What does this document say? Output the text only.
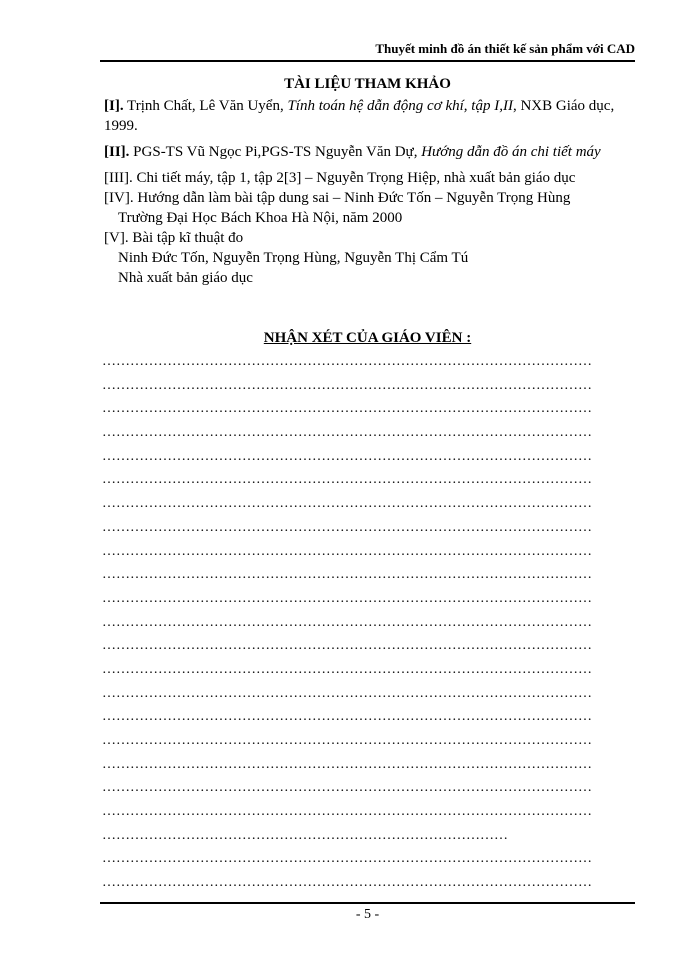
Thuyết minh đồ án thiết kế sản phẩm với CAD
TÀI LIỆU THAM KHẢO

[I]. Trịnh Chất, Lê Văn Uyển, Tính toán hệ dẫn động cơ khí, tập I,II, NXB Giáo dục, 1999.

[II]. PGS-TS Vũ Ngọc Pi,PGS-TS Nguyễn Văn Dự, Hướng dẫn đồ án chi tiết máy

[III]. Chi tiết máy, tập 1, tập 2[3] – Nguyễn Trọng Hiệp, nhà xuất bản giáo dục

[IV]. Hướng dẫn làm bài tập dung sai – Ninh Đức Tốn – Nguyễn Trọng Hùng

Trường Đại Học Bách Khoa Hà Nội, năm 2000

[V]. Bài tập kĩ thuật đo

Ninh Đức Tốn, Nguyễn Trọng Hùng, Nguyễn Thị Cẩm Tú

Nhà xuất bản giáo dục

NHẬN XÉT CỦA GIÁO VIÊN :
……………………………………………………………………………………………
……………………………………………………………………………………………
……………………………………………………………………………………………
……………………………………………………………………………………………
……………………………………………………………………………………………
……………………………………………………………………………………………
……………………………………………………………………………………………
……………………………………………………………………………………………
……………………………………………………………………………………………
……………………………………………………………………………………………
……………………………………………………………………………………………
……………………………………………………………………………………………
……………………………………………………………………………………………
……………………………………………………………………………………………
……………………………………………………………………………………………
……………………………………………………………………………………………
……………………………………………………………………………………………
……………………………………………………………………………………………
……………………………………………………………………………………………
……………………………………………………………………………………………
……………………………………………………………………………
……………………………………………………………………………………………
……………………………………………………………………………………………
- 5 -
